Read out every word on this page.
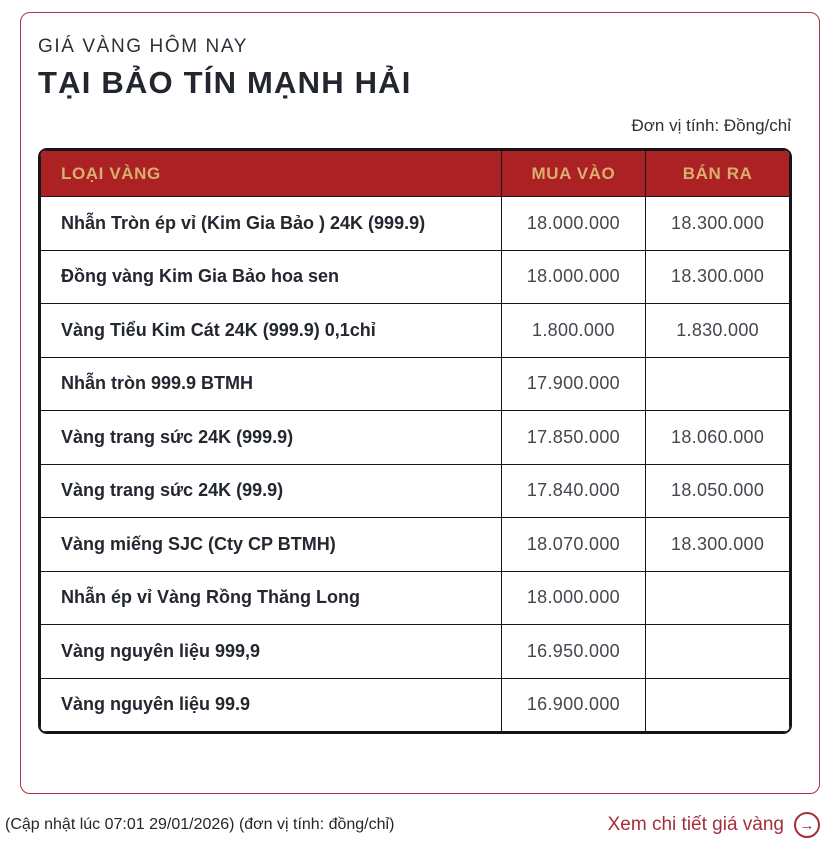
GIÁ VÀNG HÔM NAY
TẠI BẢO TÍN MẠNH HẢI
Đơn vị tính: Đồng/chỉ
LOẠI VÀNG	MUA VÀO	BÁN RA
Nhẫn Tròn ép vỉ (Kim Gia Bảo ) 24K (999.9)	18.000.000	18.300.000
Đồng vàng Kim Gia Bảo hoa sen	18.000.000	18.300.000
Vàng Tiểu Kim Cát 24K (999.9) 0,1chỉ	1.800.000	1.830.000
Nhẫn tròn 999.9 BTMH	17.900.000	
Vàng trang sức 24K (999.9)	17.850.000	18.060.000
Vàng trang sức 24K (99.9)	17.840.000	18.050.000
Vàng miếng SJC (Cty CP BTMH)	18.070.000	18.300.000
Nhẫn ép vỉ Vàng Rồng Thăng Long	18.000.000	
Vàng nguyên liệu 999,9	16.950.000	
Vàng nguyên liệu 99.9	16.900.000	
(Cập nhật lúc 07:01 29/01/2026) (đơn vị tính: đồng/chỉ)	Xem chi tiết giá vàng →
